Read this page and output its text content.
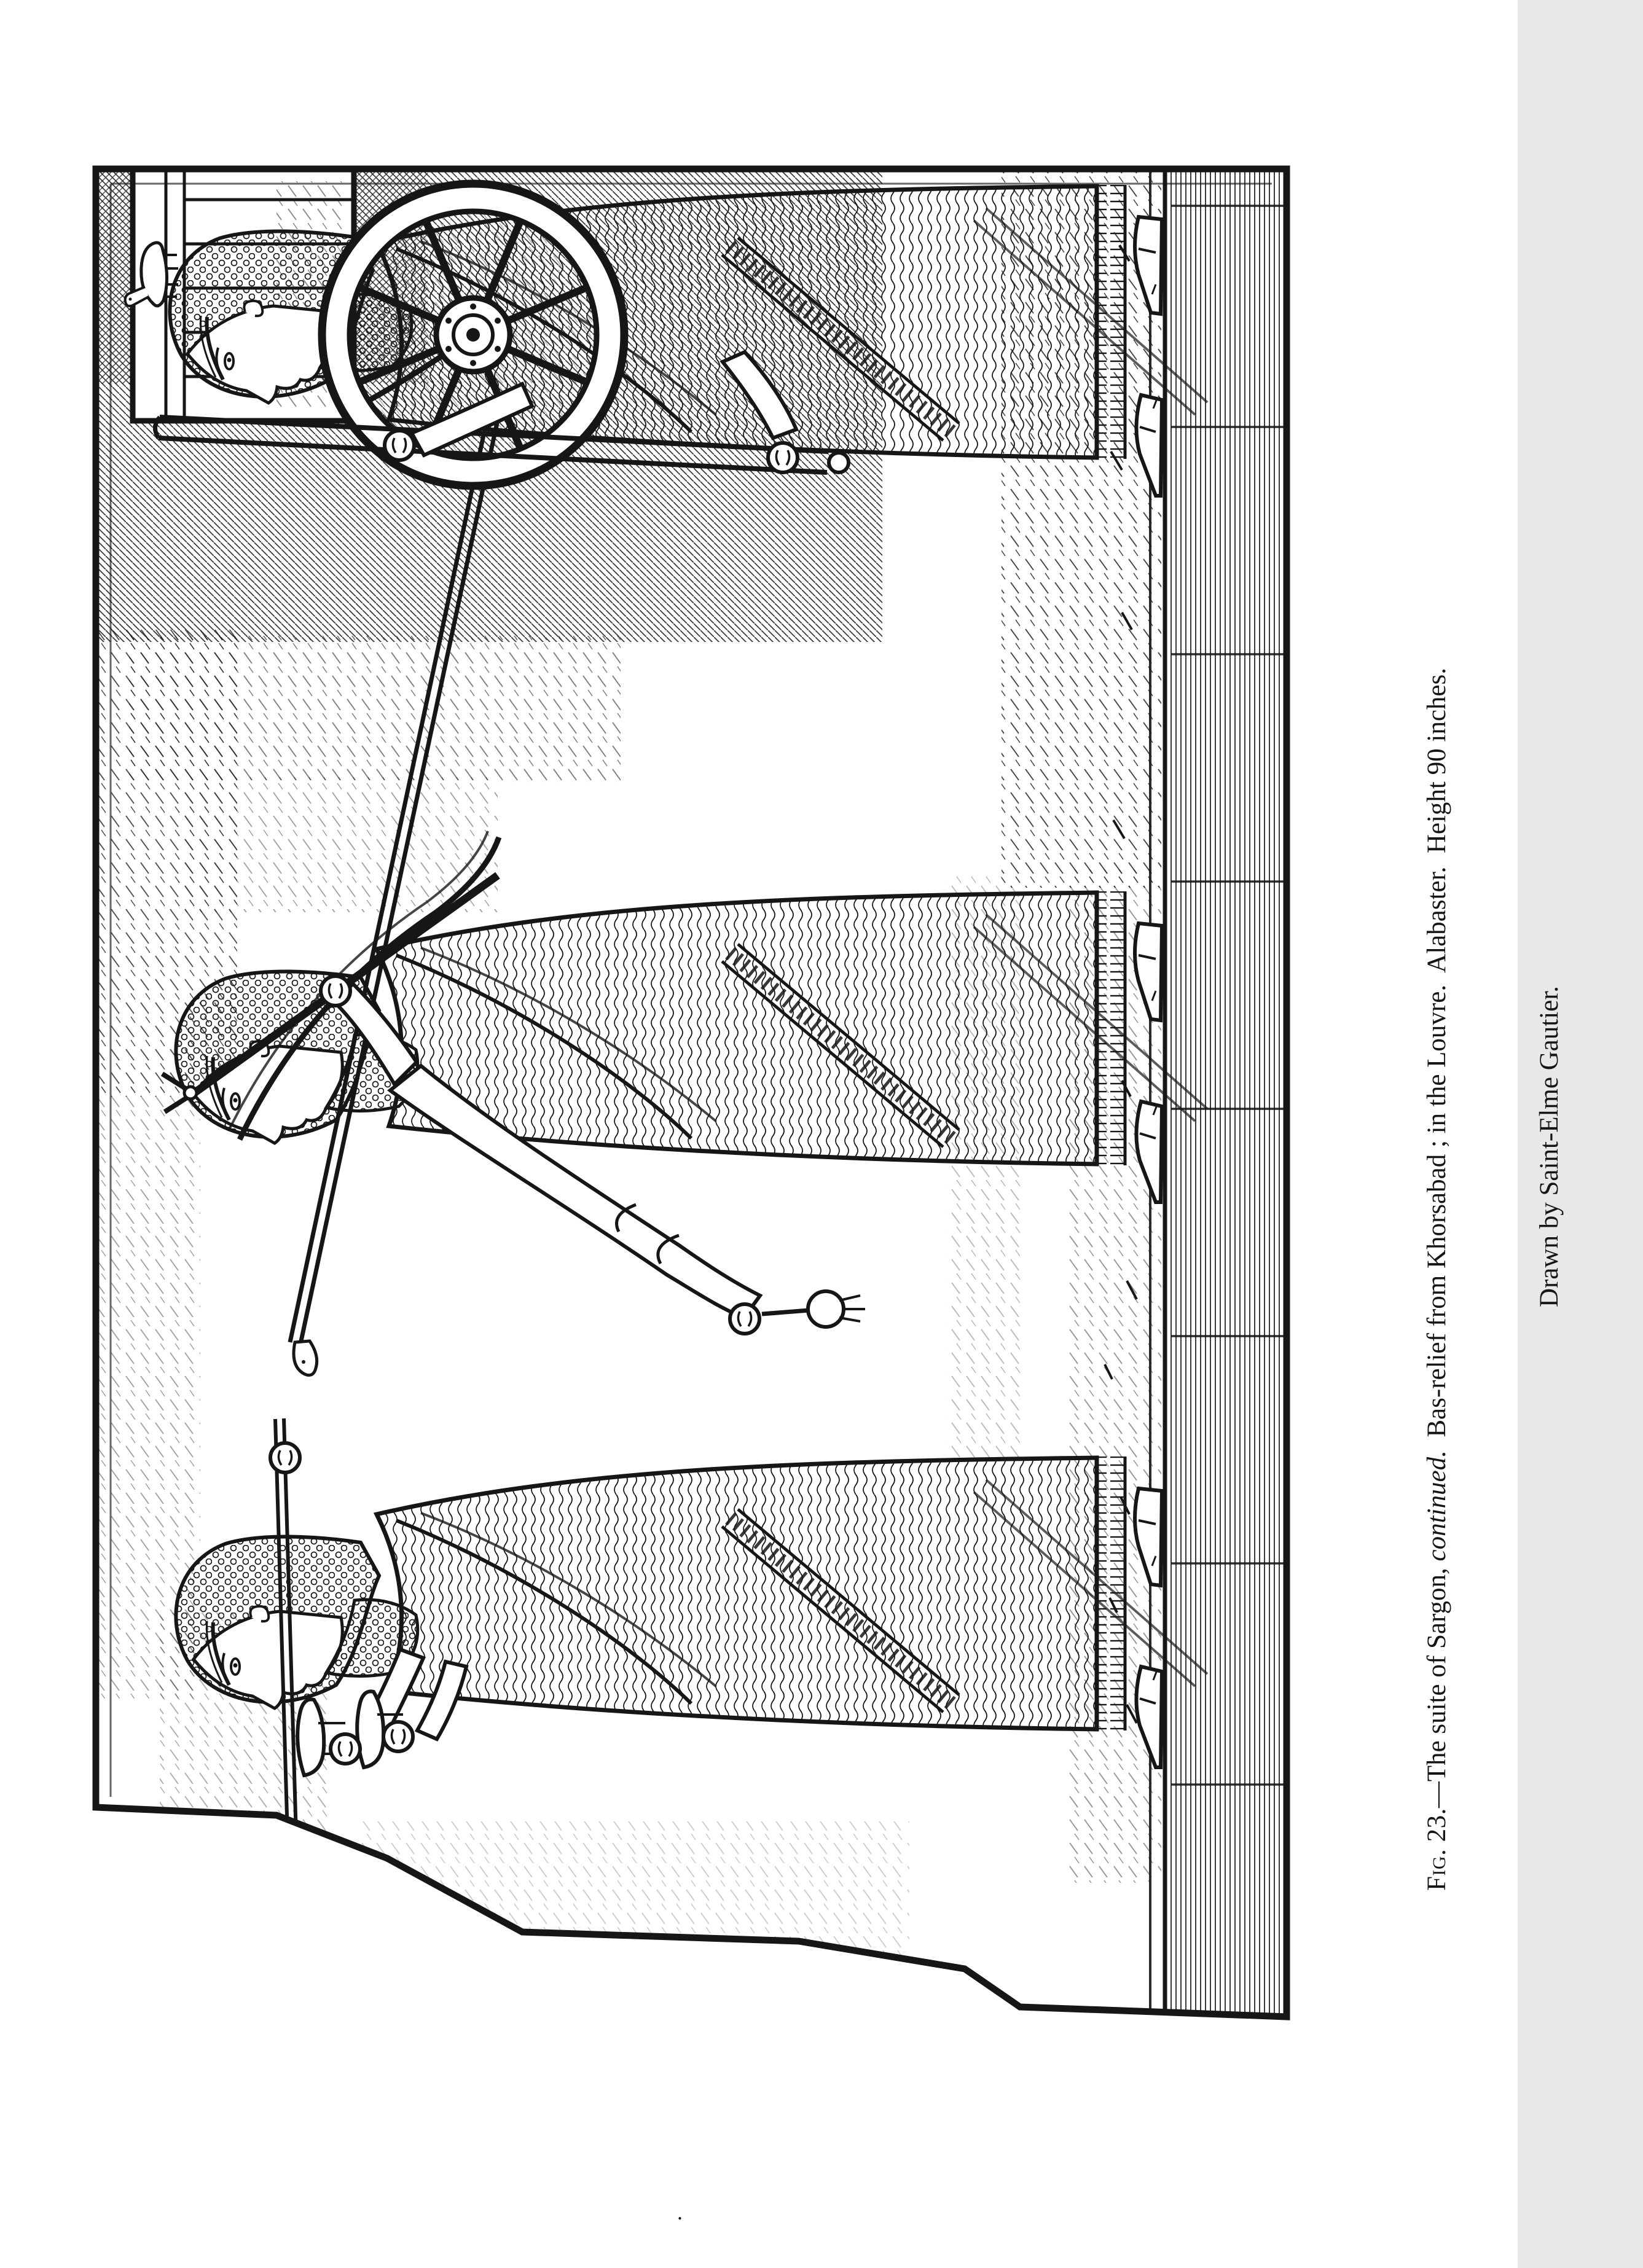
Fig. 23.—The suite of Sargon, continued.  Bas-relief from Khorsabad ; in the Louvre.  Alabaster.  Height 90 inches.

	Drawn by Saint-Elme Gautier.

.
